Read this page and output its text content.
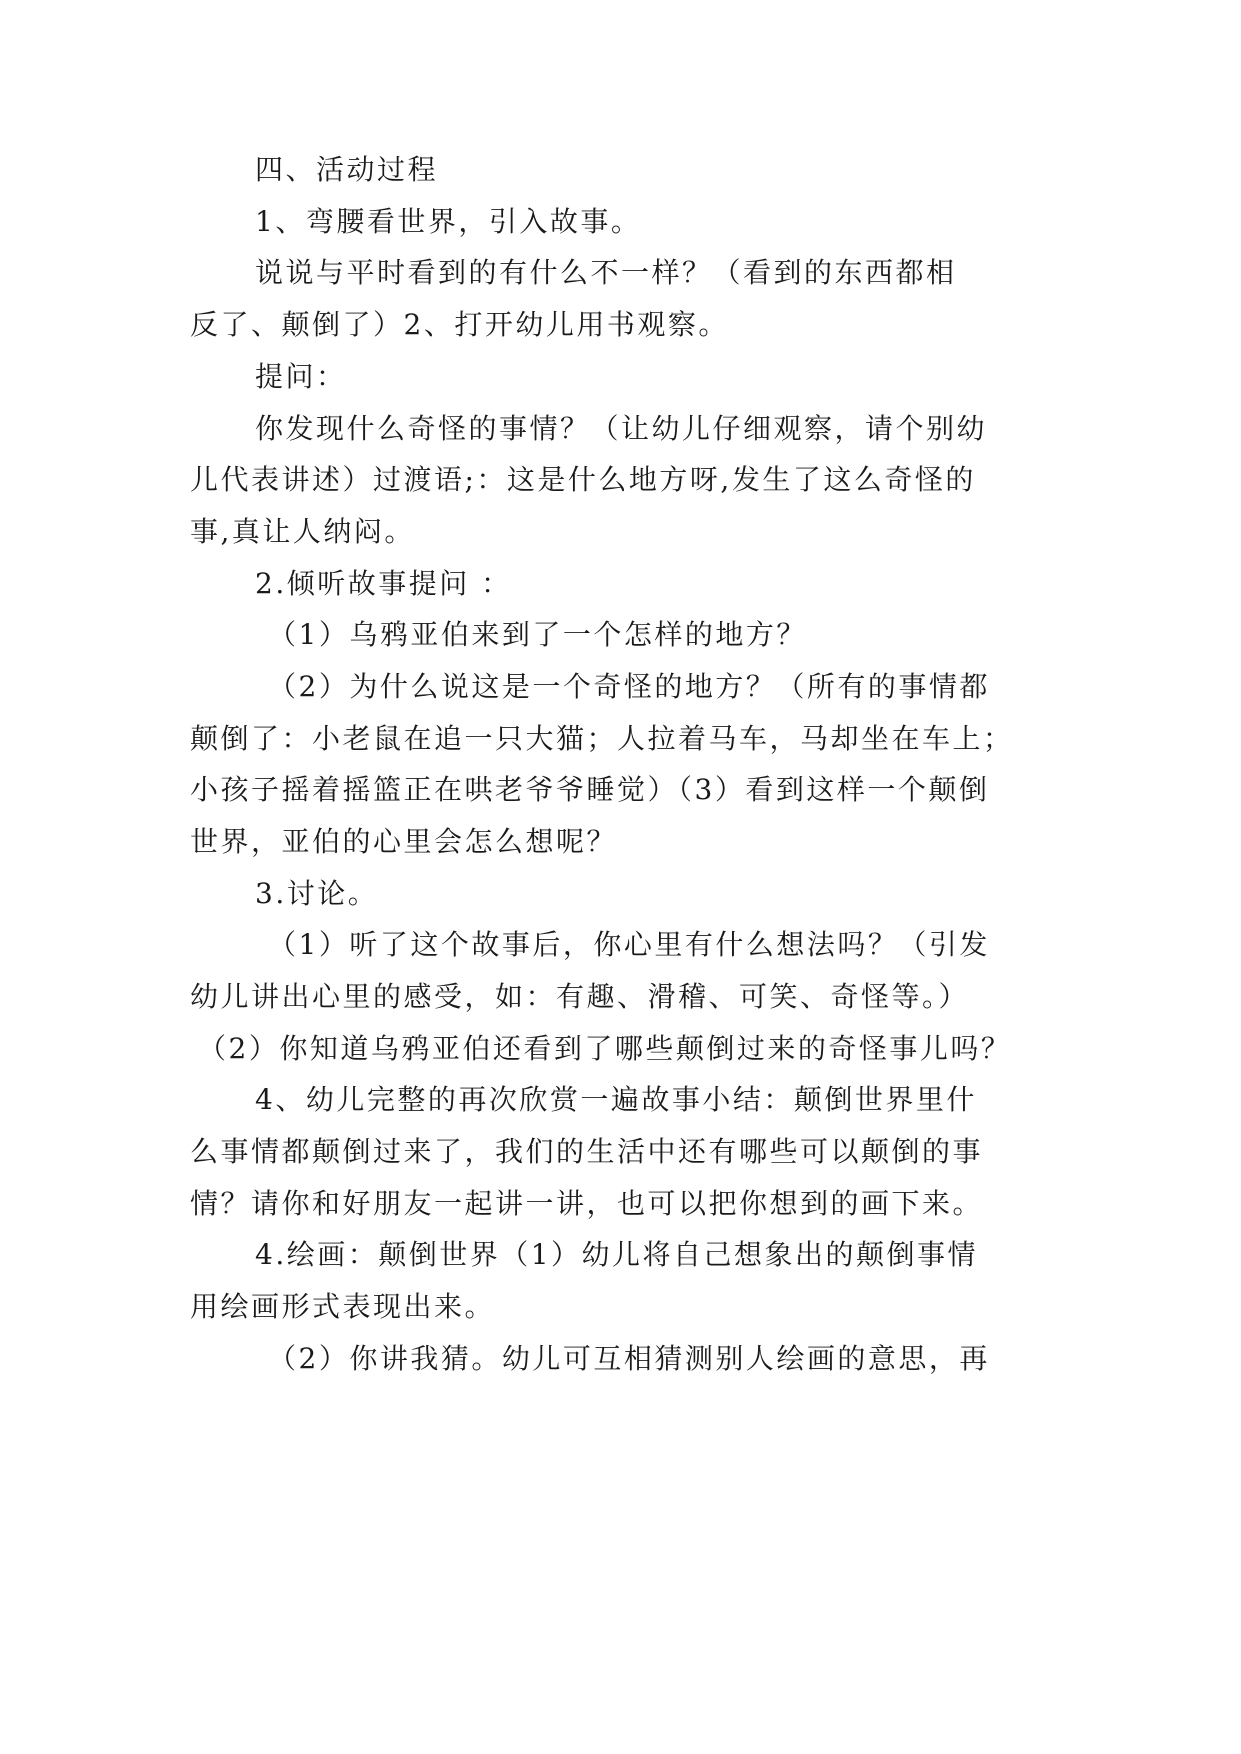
四、活动过程
1、弯腰看世界，引入故事。
说说与平时看到的有什么不一样？（看到的东西都相
反了、颠倒了）2、打开幼儿用书观察。
提问：
你发现什么奇怪的事情？（让幼儿仔细观察，请个别幼
儿代表讲述）过渡语;：这是什么地方呀,发生了这么奇怪的
事,真让人纳闷。
2.倾听故事提问 ：
（1）乌鸦亚伯来到了一个怎样的地方？
（2）为什么说这是一个奇怪的地方？（所有的事情都
颠倒了：小老鼠在追一只大猫；人拉着马车，马却坐在车上；
小孩子摇着摇篮正在哄老爷爷睡觉）（3）看到这样一个颠倒
世界，亚伯的心里会怎么想呢？
3.讨论。
（1）听了这个故事后，你心里有什么想法吗？（引发
幼儿讲出心里的感受，如：有趣、滑稽、可笑、奇怪等。）
（2）你知道乌鸦亚伯还看到了哪些颠倒过来的奇怪事儿吗？
4、幼儿完整的再次欣赏一遍故事小结：颠倒世界里什
么事情都颠倒过来了，我们的生活中还有哪些可以颠倒的事
情？请你和好朋友一起讲一讲，也可以把你想到的画下来。
4.绘画：颠倒世界（1）幼儿将自己想象出的颠倒事情
用绘画形式表现出来。
（2）你讲我猜。幼儿可互相猜测别人绘画的意思，再
